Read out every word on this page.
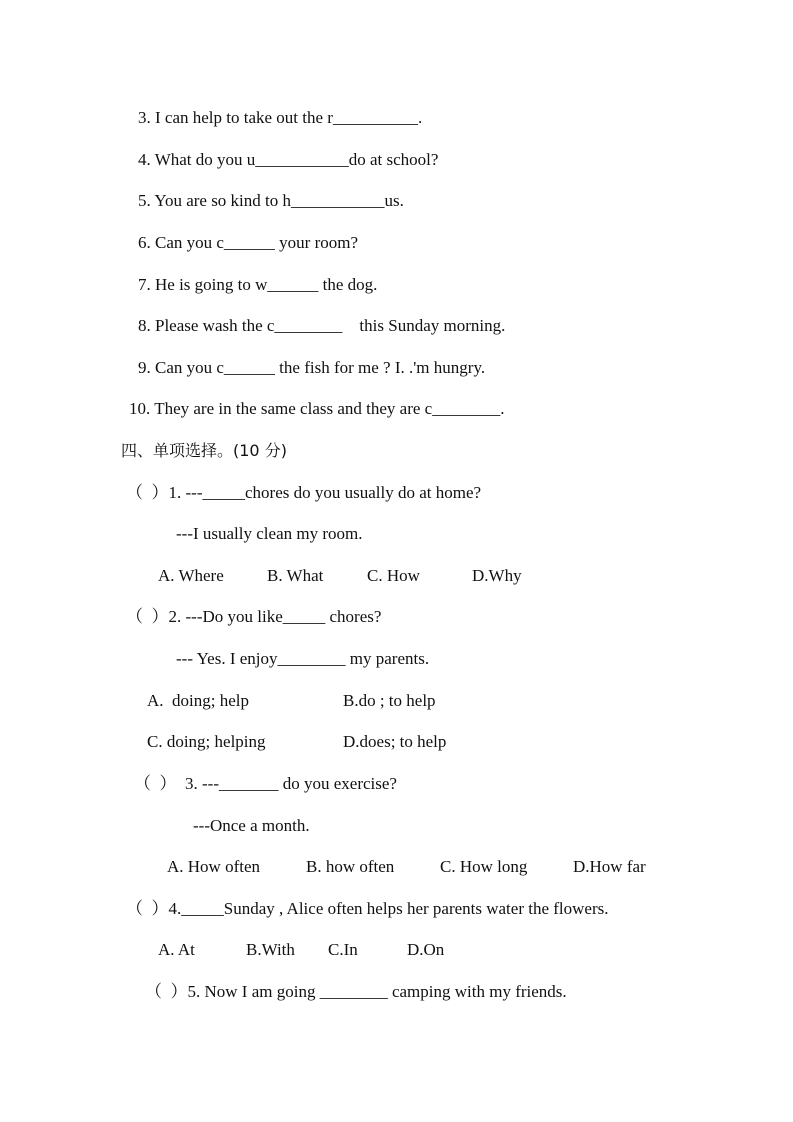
3. I can help to take out the r__________.
4. What do you u___________do at school?
5. You are so kind to h___________us.
6. Can you c______ your room?
7. He is going to w______ the dog.
8. Please wash the c________    this Sunday morning.
9. Can you c______ the fish for me ? I. .'m hungry.
10. They are in the same class and they are c________.
四、单项选择。(10 分)
（  ）1. ---_____chores do you usually do at home?
---I usually clean my room.
A. Where	B. What	C. How	D.Why
（  ）2. ---Do you like_____ chores?
--- Yes. I enjoy________ my parents.
A.  doing; help	B.do ; to help
C. doing; helping	D.does; to help
（  ）  3. ---_______ do you exercise?
---Once a month.
A. How often	B. how often	C. How long	D.How far
（  ）4._____Sunday , Alice often helps her parents water the flowers.
A. At	B.With C.In	D.On
（  ）5. Now I am going ________ camping with my friends.
